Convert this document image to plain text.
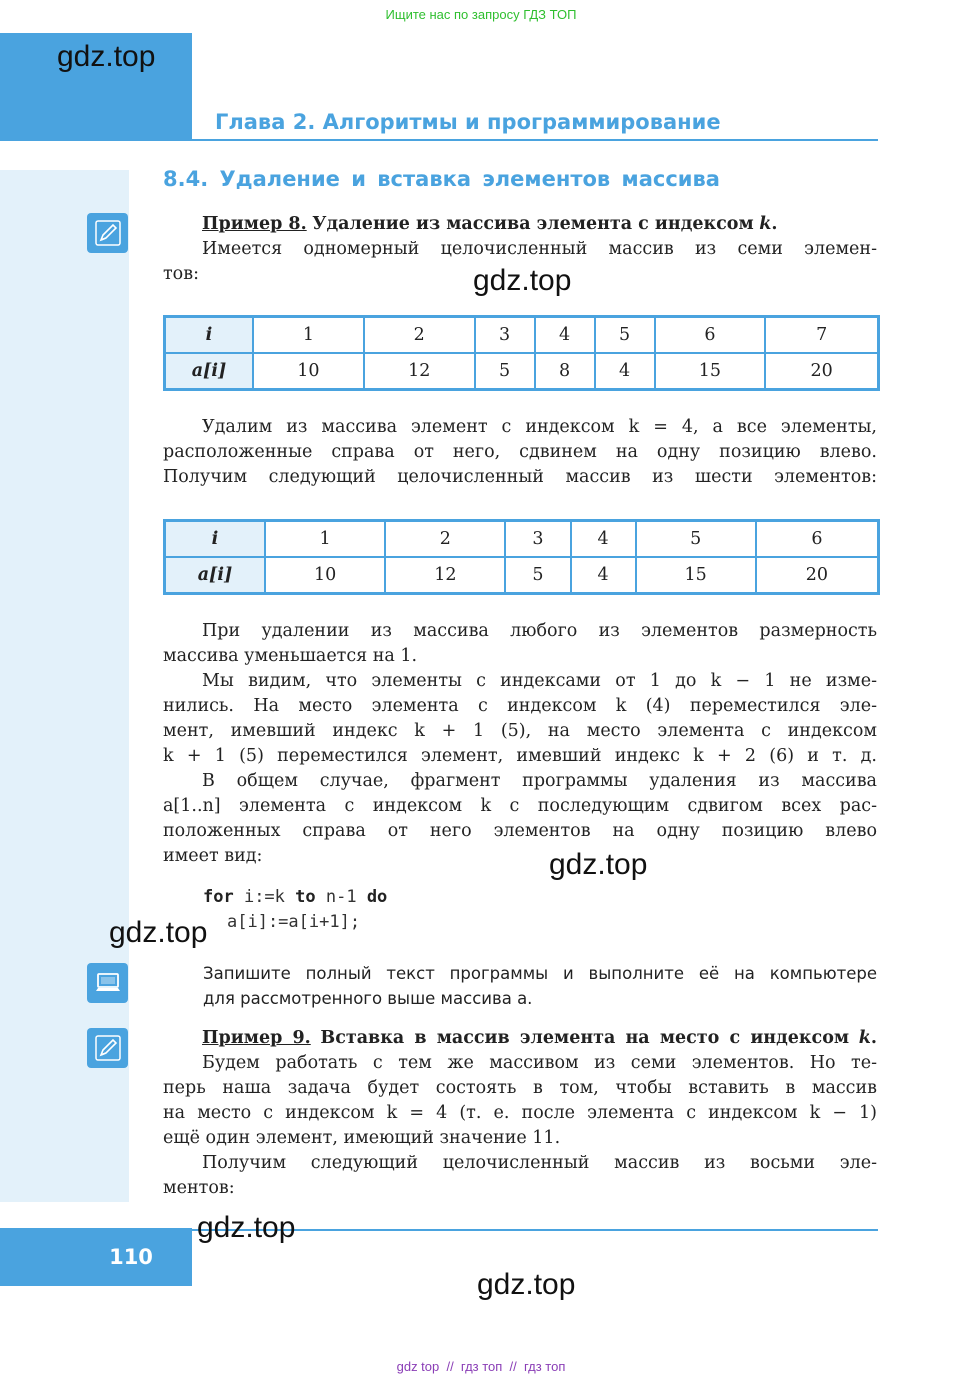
Ищите нас по запросу ГДЗ ТОП
gdz.top
Глава 2. Алгоритмы и программирование
8.4. Удаление и вставка элементов массива
Пример 8. Удаление из массива элемента с индексом k.
Имеется одномерный целочисленный массив из семи элемен-
тов:	gdz.top
i	1	2	3	4	5	6	7
a[i]	10	12	5	8	4	15	20
Удалим из массива элемент с индексом k = 4, а все элементы,
расположенные справа от него, сдвинем на одну позицию влево.
Получим следующий целочисленный массив из шести элементов:
i	1	2	3	4	5	6
a[i]	10	12	5	4	15	20
При удалении из массива любого из элементов размерность
массива уменьшается на 1.
Мы видим, что элементы с индексами от 1 до k − 1 не изме-
нились. На место элемента с индексом k (4) переместился эле-
мент, имевший индекс k + 1 (5), на место элемента с индексом
k + 1 (5) переместился элемент, имевший индекс k + 2 (6) и т. д.
В общем случае, фрагмент программы удаления из массива
a[1..n] элемента с индексом k с последующим сдвигом всех рас-
положенных справа от него элементов на одну позицию влево
имеет вид:	gdz.top
for i:=k to n-1 do
a[i]:=a[i+1];
gdz.top
Запишите полный текст программы и выполните её на компьютере
для рассмотренного выше массива a.
Пример 9. Вставка в массив элемента на место с индексом k.
Будем работать с тем же массивом из семи элементов. Но те-
перь наша задача будет состоять в том, чтобы вставить в массив
на место с индексом k = 4 (т. е. после элемента с индексом k − 1)
ещё один элемент, имеющий значение 11.
Получим следующий целочисленный массив из восьми эле-
ментов:
gdz.top
110
gdz.top
gdz top  //  гдз топ  //  гдз топ
